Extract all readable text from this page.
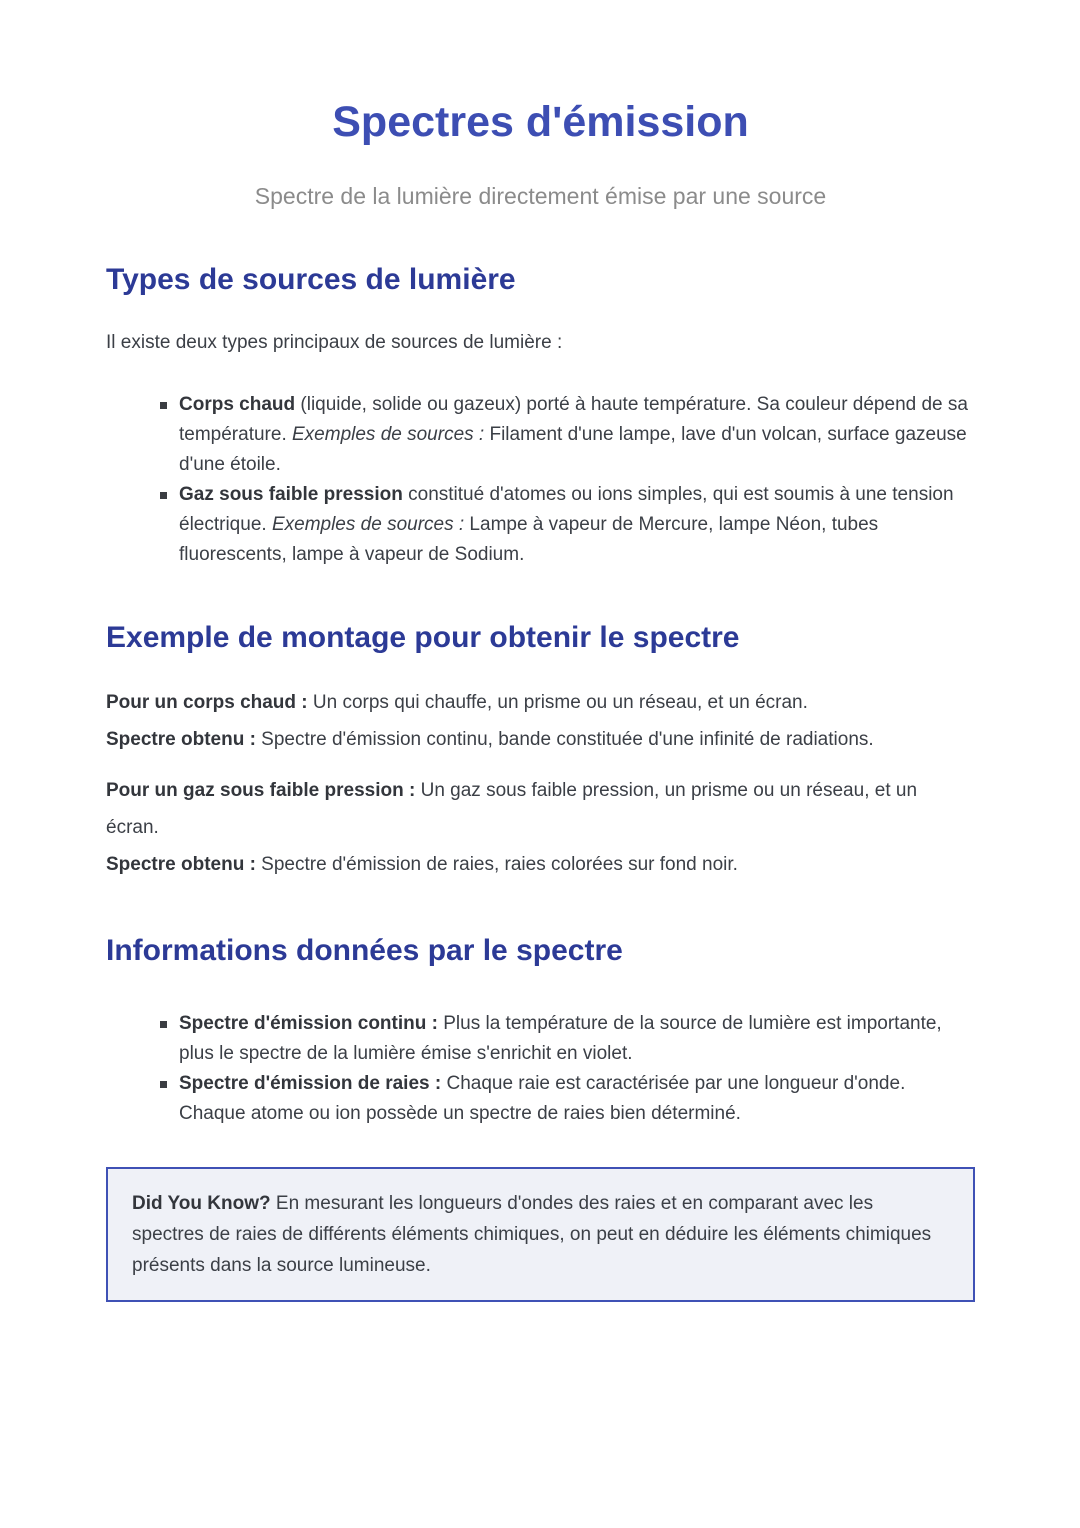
Spectres d'émission

Spectre de la lumière directement émise par une source

Types de sources de lumière

Il existe deux types principaux de sources de lumière :

Corps chaud (liquide, solide ou gazeux) porté à haute température. Sa couleur dépend de sa température. Exemples de sources : Filament d'une lampe, lave d'un volcan, surface gazeuse d'une étoile.
Gaz sous faible pression constitué d'atomes ou ions simples, qui est soumis à une tension électrique. Exemples de sources : Lampe à vapeur de Mercure, lampe Néon, tubes fluorescents, lampe à vapeur de Sodium.
Exemple de montage pour obtenir le spectre

Pour un corps chaud : Un corps qui chauffe, un prisme ou un réseau, et un écran.
Spectre obtenu : Spectre d'émission continu, bande constituée d'une infinité de radiations.

Pour un gaz sous faible pression : Un gaz sous faible pression, un prisme ou un réseau, et un écran.
Spectre obtenu : Spectre d'émission de raies, raies colorées sur fond noir.

Informations données par le spectre
Spectre d'émission continu : Plus la température de la source de lumière est importante, plus le spectre de la lumière émise s'enrichit en violet.
Spectre d'émission de raies : Chaque raie est caractérisée par une longueur d'onde. Chaque atome ou ion possède un spectre de raies bien déterminé.

Did You Know? En mesurant les longueurs d'ondes des raies et en comparant avec les spectres de raies de différents éléments chimiques, on peut en déduire les éléments chimiques présents dans la source lumineuse.
